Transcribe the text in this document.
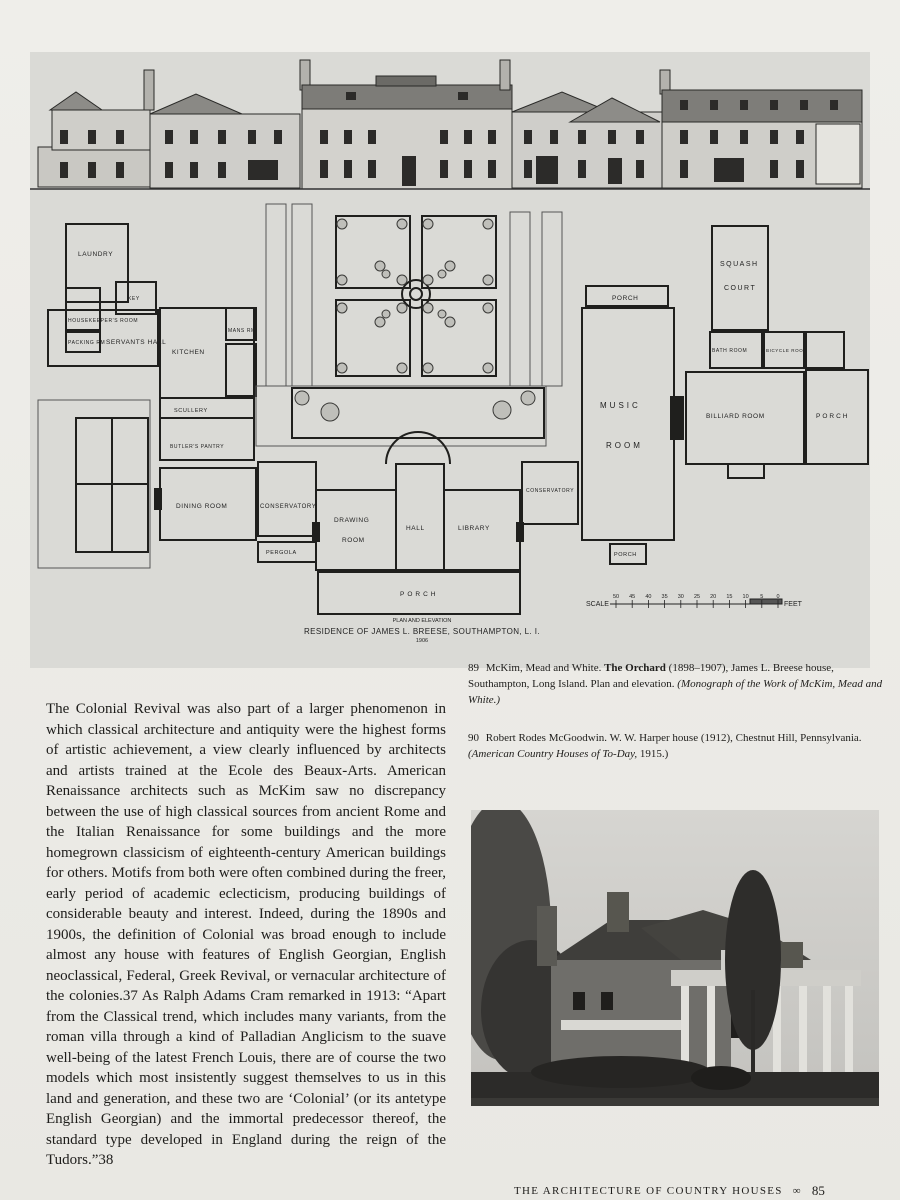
50 45 40 35 30 25 20 15 10 5 0
LAUNDRY
HOUSEKEEPER'S ROOM
PACKING RM SERVANTS HALL
KEY
KITCHEN
MANS RM
SCULLERY
BUTLER'S PANTRY
DINING ROOM	CONSERVATORY
PERGOLA
DRAWING
ROOM
HALL	LIBRARY
CONSERVATORY
PORCH
MUSIC
ROOM
PORCH
PORCH
SQUASH
COURT
BATH ROOM	BICYCLE ROOM
BILLIARD ROOM	PORCH
PLAN AND ELEVATION
RESIDENCE OF JAMES L. BREESE, SOUTHAMPTON, L. I.
1906
SCALE	FEET
89 McKim, Mead and White. The Orchard (1898–1907), James L. Breese house, Southampton, Long Island. Plan and elevation. (Monograph of the Work of McKim, Mead and White.)
90 Robert Rodes McGoodwin. W. W. Harper house (1912), Chestnut Hill, Pennsylvania. (American Country Houses of To-Day, 1915.)

The Colonial Revival was also part of a larger phenomenon in which classical architecture and antiquity were the highest forms of artistic achievement, a view clearly influenced by architects and artists trained at the Ecole des Beaux-Arts. American Renaissance architects such as McKim saw no discrepancy between the use of high classical sources from ancient Rome and the Italian Renaissance for some buildings and the more homegrown classicism of eighteenth-century American buildings for others. Motifs from both were often combined during the freer, early period of academic eclecticism, producing buildings of considerable beauty and interest. Indeed, during the 1890s and 1900s, the definition of Colonial was broad enough to include almost any house with features of English Georgian, English neoclassical, Federal, Greek Revival, or vernacular architecture of the colonies.37 As Ralph Adams Cram remarked in 1913: “Apart from the Classical trend, which includes many variants, from the roman villa through a kind of Palladian Anglicism to the suave well-being of the latest French Louis, there are of course the two models which most insistently suggest themselves to us in this land and generation, and these two are ‘Colonial’ (or its antetype English Georgian) and the immortal predecessor thereof, the standard type developed in England during the reign of the Tudors.”38

THE ARCHITECTURE OF COUNTRY HOUSES ∞ 85
